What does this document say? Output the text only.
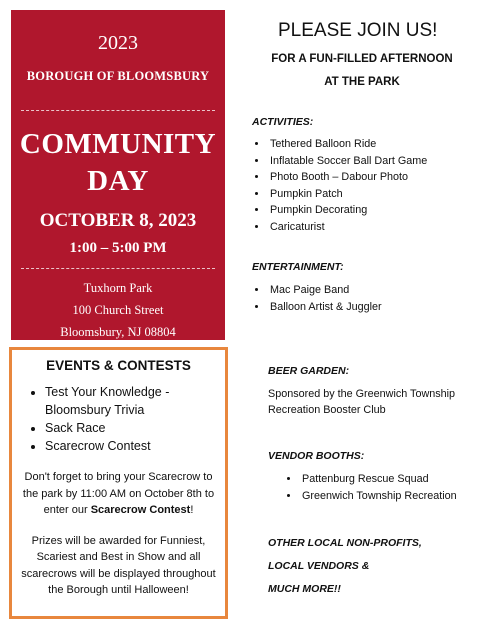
2023
BOROUGH OF BLOOMSBURY
COMMUNITY
DAY
OCTOBER 8, 2023
1:00 – 5:00 PM
Tuxhorn Park
100 Church Street
Bloomsbury, NJ 08804
EVENTS & CONTESTS
• Test Your Knowledge - Bloomsbury Trivia
• Sack Race
• Scarecrow Contest

Don't forget to bring your Scarecrow to the park by 11:00 AM on October 8th to enter our Scarecrow Contest!

Prizes will be awarded for Funniest, Scariest and Best in Show and all scarecrows will be displayed throughout the Borough until Halloween!

PLEASE JOIN US!
FOR A FUN-FILLED AFTERNOON
AT THE PARK
ACTIVITIES:
• Tethered Balloon Ride
• Inflatable Soccer Ball Dart Game
• Photo Booth – Dabour Photo
• Pumpkin Patch
• Pumpkin Decorating
• Caricaturist
ENTERTAINMENT:
• Mac Paige Band
• Balloon Artist & Juggler
BEER GARDEN:
Sponsored by the Greenwich Township Recreation Booster Club
VENDOR BOOTHS:
• Pattenburg Rescue Squad
• Greenwich Township Recreation
OTHER LOCAL NON-PROFITS,
LOCAL VENDORS &
MUCH MORE!!
